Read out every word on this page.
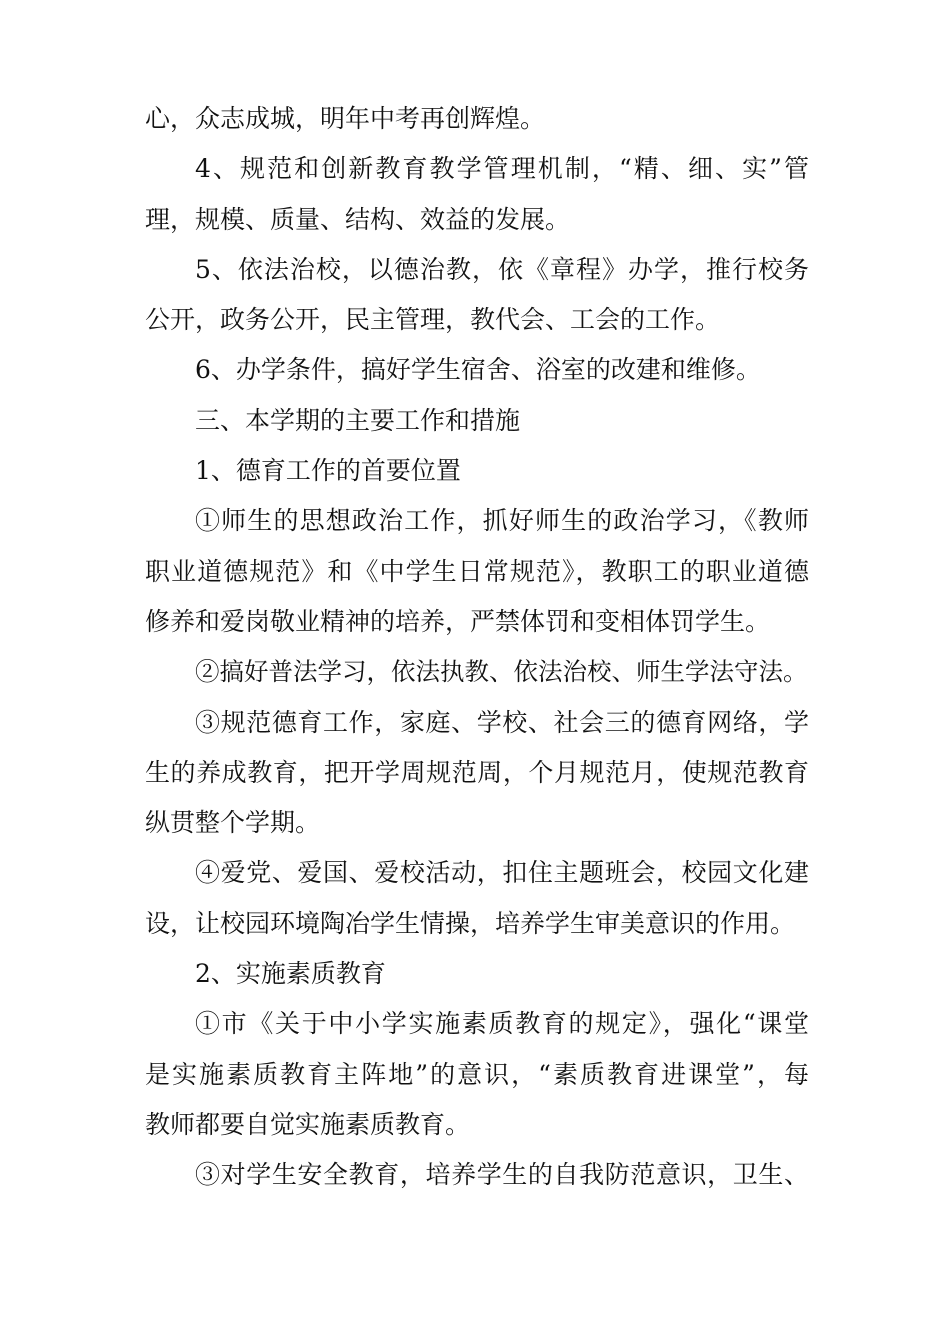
心，众志成城，明年中考再创辉煌。
4、规范和创新教育教学管理机制，“精、细、实”管
理，规模、质量、结构、效益的发展。
5、依法治校，以德治教，依《章程》办学，推行校务
公开，政务公开，民主管理，教代会、工会的工作。
6、办学条件，搞好学生宿舍、浴室的改建和维修。
三、本学期的主要工作和措施
1、德育工作的首要位置
①师生的思想政治工作，抓好师生的政治学习，《教师
职业道德规范》和《中学生日常规范》，教职工的职业道德
修养和爱岗敬业精神的培养，严禁体罚和变相体罚学生。
②搞好普法学习，依法执教、依法治校、师生学法守法。
③规范德育工作，家庭、学校、社会三的德育网络，学
生的养成教育，把开学周规范周，个月规范月，使规范教育
纵贯整个学期。
④爱党、爱国、爱校活动，扣住主题班会，校园文化建
设，让校园环境陶冶学生情操，培养学生审美意识的作用。
2、实施素质教育
①市《关于中小学实施素质教育的规定》，强化“课堂
是实施素质教育主阵地”的意识，“素质教育进课堂”，每
教师都要自觉实施素质教育。
③对学生安全教育，培养学生的自我防范意识，卫生、
